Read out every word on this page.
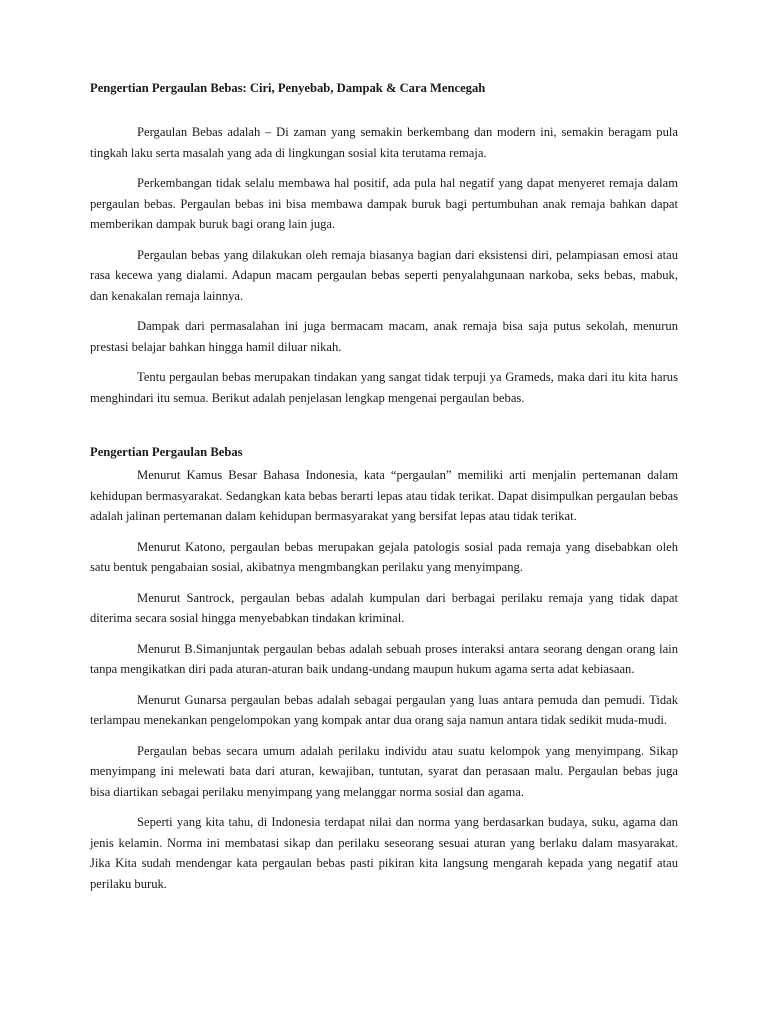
Pengertian Pergaulan Bebas: Ciri, Penyebab, Dampak & Cara Mencegah

Pergaulan Bebas adalah – Di zaman yang semakin berkembang dan modern ini, semakin beragam pula tingkah laku serta masalah yang ada di lingkungan sosial kita terutama remaja.

Perkembangan tidak selalu membawa hal positif, ada pula hal negatif yang dapat menyeret remaja dalam pergaulan bebas. Pergaulan bebas ini bisa membawa dampak buruk bagi pertumbuhan anak remaja bahkan dapat memberikan dampak buruk bagi orang lain juga.

Pergaulan bebas yang dilakukan oleh remaja biasanya bagian dari eksistensi diri, pelampiasan emosi atau rasa kecewa yang dialami. Adapun macam pergaulan bebas seperti penyalahgunaan narkoba, seks bebas, mabuk, dan kenakalan remaja lainnya.

Dampak dari permasalahan ini juga bermacam macam, anak remaja bisa saja putus sekolah, menurun prestasi belajar bahkan hingga hamil diluar nikah.

Tentu pergaulan bebas merupakan tindakan yang sangat tidak terpuji ya Grameds, maka dari itu kita harus menghindari itu semua. Berikut adalah penjelasan lengkap mengenai pergaulan bebas.

Pengertian Pergaulan Bebas

Menurut Kamus Besar Bahasa Indonesia, kata “pergaulan” memiliki arti menjalin pertemanan dalam kehidupan bermasyarakat. Sedangkan kata bebas berarti lepas atau tidak terikat. Dapat disimpulkan pergaulan bebas adalah jalinan pertemanan dalam kehidupan bermasyarakat yang bersifat lepas atau tidak terikat.

Menurut Katono, pergaulan bebas merupakan gejala patologis sosial pada remaja yang disebabkan oleh satu bentuk pengabaian sosial, akibatnya mengmbangkan perilaku yang menyimpang.

Menurut Santrock, pergaulan bebas adalah kumpulan dari berbagai perilaku remaja yang tidak dapat diterima secara sosial hingga menyebabkan tindakan kriminal.

Menurut B.Simanjuntak pergaulan bebas adalah sebuah proses interaksi antara seorang dengan orang lain tanpa mengikatkan diri pada aturan-aturan baik undang-undang maupun hukum agama serta adat kebiasaan.

Menurut Gunarsa pergaulan bebas adalah sebagai pergaulan yang luas antara pemuda dan pemudi. Tidak terlampau menekankan pengelompokan yang kompak antar dua orang saja namun antara tidak sedikit muda-mudi.

Pergaulan bebas secara umum adalah perilaku individu atau suatu kelompok yang menyimpang. Sikap menyimpang ini melewati bata dari aturan, kewajiban, tuntutan, syarat dan perasaan malu. Pergaulan bebas juga bisa diartikan sebagai perilaku menyimpang yang melanggar norma sosial dan agama.

Seperti yang kita tahu, di Indonesia terdapat nilai dan norma yang berdasarkan budaya, suku, agama dan jenis kelamin. Norma ini membatasi sikap dan perilaku seseorang sesuai aturan yang berlaku dalam masyarakat. Jika Kita sudah mendengar kata pergaulan bebas pasti pikiran kita langsung mengarah kepada yang negatif atau perilaku buruk.
